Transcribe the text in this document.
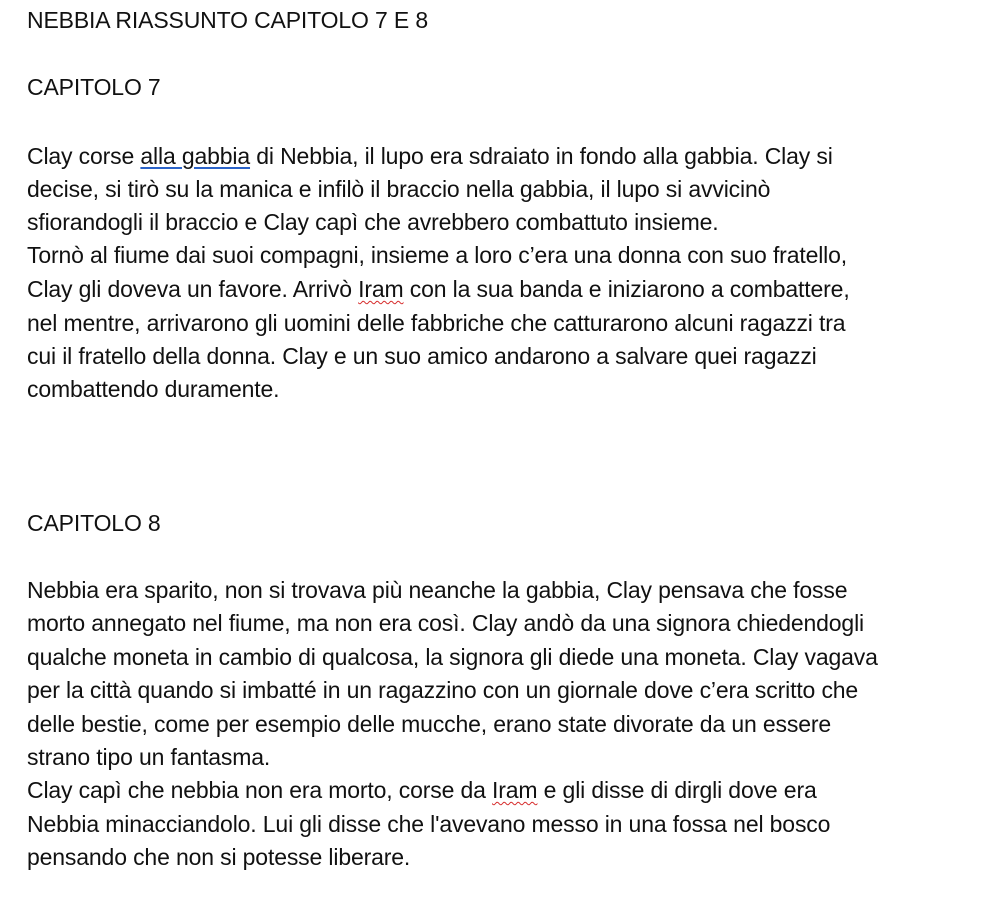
NEBBIA RIASSUNTO CAPITOLO 7 E 8
CAPITOLO 7
Clay corse alla gabbia di Nebbia, il lupo era sdraiato in fondo alla gabbia. Clay si
decise, si tirò su la manica e infilò il braccio nella gabbia, il lupo si avvicinò
sfiorandogli il braccio e Clay capì che avrebbero combattuto insieme.
Tornò al fiume dai suoi compagni, insieme a loro c’era una donna con suo fratello,
Clay gli doveva un favore. Arrivò Iram con la sua banda e iniziarono a combattere,
nel mentre, arrivarono gli uomini delle fabbriche che catturarono alcuni ragazzi tra
cui il fratello della donna. Clay e un suo amico andarono a salvare quei ragazzi
combattendo duramente.
CAPITOLO 8
Nebbia era sparito, non si trovava più neanche la gabbia, Clay pensava che fosse
morto annegato nel fiume, ma non era così. Clay andò da una signora chiedendogli
qualche moneta in cambio di qualcosa, la signora gli diede una moneta. Clay vagava
per la città quando si imbatté in un ragazzino con un giornale dove c’era scritto che
delle bestie, come per esempio delle mucche, erano state divorate da un essere
strano tipo un fantasma.
Clay capì che nebbia non era morto, corse da Iram e gli disse di dirgli dove era
Nebbia minacciandolo. Lui gli disse che l'avevano messo in una fossa nel bosco
pensando che non si potesse liberare.
